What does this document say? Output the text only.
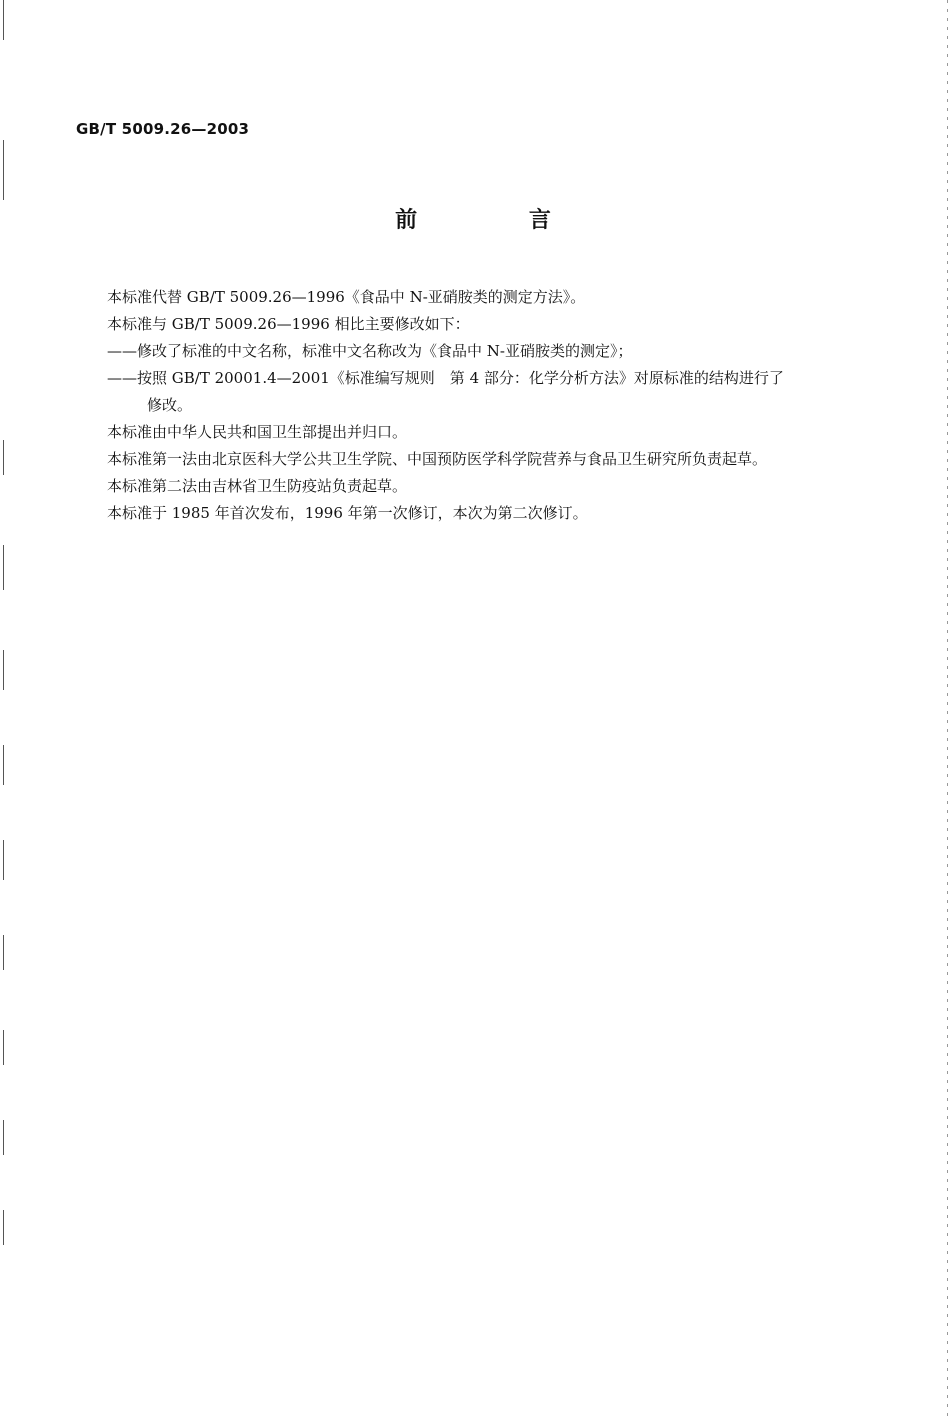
GB/T 5009.26—2003
前 言

本标准代替 GB/T 5009.26—1996《食品中 N-亚硝胺类的测定方法》。

本标准与 GB/T 5009.26—1996 相比主要修改如下：

——修改了标准的中文名称，标准中文名称改为《食品中 N-亚硝胺类的测定》；

——按照 GB/T 20001.4—2001《标准编写规则　第 4 部分：化学分析方法》对原标准的结构进行了
修改。

本标准由中华人民共和国卫生部提出并归口。

本标准第一法由北京医科大学公共卫生学院、中国预防医学科学院营养与食品卫生研究所负责起草。

本标准第二法由吉林省卫生防疫站负责起草。

本标准于 1985 年首次发布，1996 年第一次修订，本次为第二次修订。
